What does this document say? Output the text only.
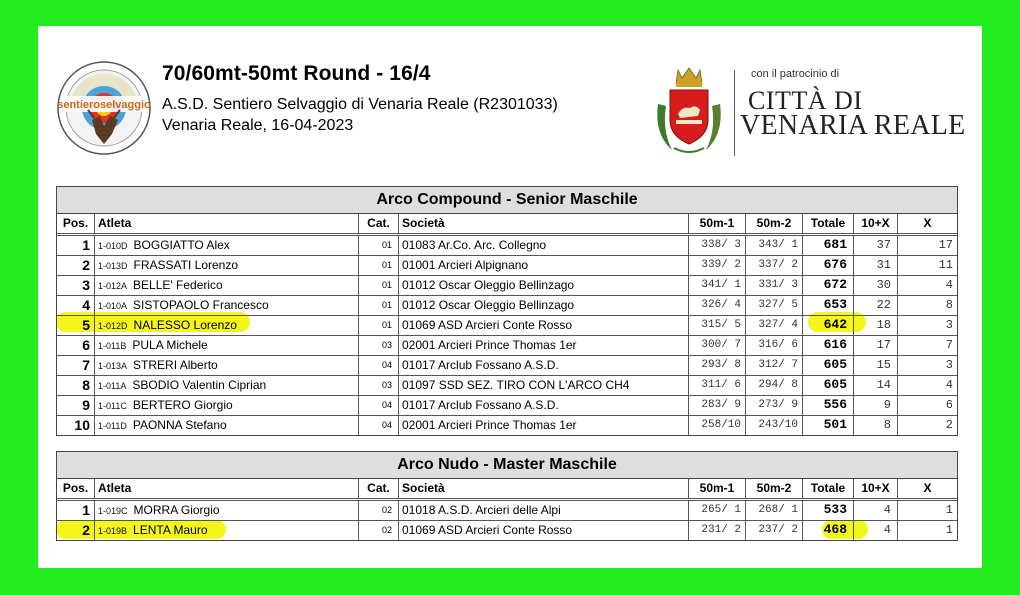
sentieroselvaggio
70/60mt-50mt Round - 16/4
A.S.D. Sentiero Selvaggio di Venaria Reale (R2301033)
Venaria Reale, 16-04-2023
con il patrocinio di
CITTÀ DI
VENARIA REALE
Arco Compound - Senior Maschile
Pos. Atleta	Cat.	Società	50m-1	50m-2	Totale	10+X	X
1 1-010D BOGGIATTO Alex	01 01083 Ar.Co. Arc. Collegno	338/ 3	343/ 1	681	37	17
2 1-013D FRASSATI Lorenzo	01 01001 Arcieri Alpignano	339/ 2	337/ 2	676	31	11
3 1-012A BELLE' Federico	01 01012 Oscar Oleggio Bellinzago	341/ 1	331/ 3	672	30	4
4 1-010A SISTOPAOLO Francesco	01 01012 Oscar Oleggio Bellinzago	326/ 4	327/ 5	653	22	8
5 1-012D NALESSO Lorenzo	01 01069 ASD Arcieri Conte Rosso	315/ 5	327/ 4	642	18	3
6 1-011B PULA Michele	03 02001 Arcieri Prince Thomas 1er	300/ 7	316/ 6	616	17	7
7 1-013A STRERI Alberto	04 01017 Arclub Fossano A.S.D.	293/ 8	312/ 7	605	15	3
8 1-011A SBODIO Valentin Ciprian	03 01097 SSD SEZ. TIRO CON L'ARCO CH4	311/ 6	294/ 8	605	14	4
9 1-011C BERTERO Giorgio	04 01017 Arclub Fossano A.S.D.	283/ 9	273/ 9	556	9	6
10 1-011D PAONNA Stefano	04 02001 Arcieri Prince Thomas 1er	258/10	243/10	501	8	2
Arco Nudo - Master Maschile
Pos. Atleta	Cat.	Società	50m-1	50m-2	Totale	10+X	X
1 1-019C MORRA Giorgio	02 01018 A.S.D. Arcieri delle Alpi	265/ 1	268/ 1	533	4	1
2 1-019B LENTA Mauro	02 01069 ASD Arcieri Conte Rosso	231/ 2	237/ 2	468	4	1
